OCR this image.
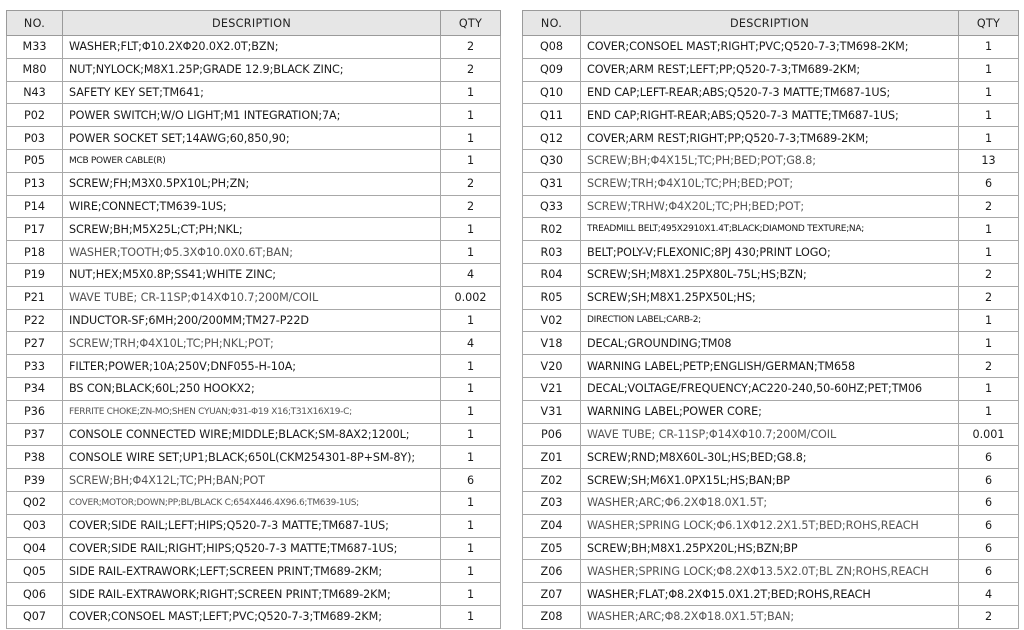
NO.	DESCRIPTION	QTY
M33	WASHER;FLT;Φ10.2XΦ20.0X2.0T;BZN;	2
M80	NUT;NYLOCK;M8X1.25P;GRADE 12.9;BLACK ZINC;	2
N43	SAFETY KEY SET;TM641;	1
P02	POWER SWITCH;W/O LIGHT;M1 INTEGRATION;7A;	1
P03	POWER SOCKET SET;14AWG;60,850,90;	1
P05	MCB POWER CABLE(R)	1
P13	SCREW;FH;M3X0.5PX10L;PH;ZN;	2
P14	WIRE;CONNECT;TM639-1US;	2
P17	SCREW;BH;M5X25L;CT;PH;NKL;	1
P18	WASHER;TOOTH;Φ5.3XΦ10.0X0.6T;BAN;	1
P19	NUT;HEX;M5X0.8P;SS41;WHITE ZINC;	4
P21	WAVE TUBE; CR-11SP;Φ14XΦ10.7;200M/COIL	0.002
P22	INDUCTOR-SF;6MH;200/200MM;TM27-P22D	1
P27	SCREW;TRH;Φ4X10L;TC;PH;NKL;POT;	4
P33	FILTER;POWER;10A;250V;DNF055-H-10A;	1
P34	BS CON;BLACK;60L;250 HOOKX2;	1
P36	FERRITE CHOKE;ZN-MO;SHEN CYUAN;Φ31-Φ19 X16;T31X16X19-C;	1
P37	CONSOLE CONNECTED WIRE;MIDDLE;BLACK;SM-8AX2;1200L;	1
P38	CONSOLE WIRE SET;UP1;BLACK;650L(CKM254301-8P+SM-8Y);	1
P39	SCREW;BH;Φ4X12L;TC;PH;BAN;POT	6
Q02	COVER;MOTOR;DOWN;PP;BL/BLACK C;654X446.4X96.6;TM639-1US;	1
Q03	COVER;SIDE RAIL;LEFT;HIPS;Q520-7-3 MATTE;TM687-1US;	1
Q04	COVER;SIDE RAIL;RIGHT;HIPS;Q520-7-3 MATTE;TM687-1US;	1
Q05	SIDE RAIL-EXTRAWORK;LEFT;SCREEN PRINT;TM689-2KM;	1
Q06	SIDE RAIL-EXTRAWORK;RIGHT;SCREEN PRINT;TM689-2KM;	1
Q07	COVER;CONSOEL MAST;LEFT;PVC;Q520-7-3;TM689-2KM;	1
NO.	DESCRIPTION	QTY
Q08	COVER;CONSOEL MAST;RIGHT;PVC;Q520-7-3;TM698-2KM;	1
Q09	COVER;ARM REST;LEFT;PP;Q520-7-3;TM689-2KM;	1
Q10	END CAP;LEFT-REAR;ABS;Q520-7-3 MATTE;TM687-1US;	1
Q11	END CAP;RIGHT-REAR;ABS;Q520-7-3 MATTE;TM687-1US;	1
Q12	COVER;ARM REST;RIGHT;PP;Q520-7-3;TM689-2KM;	1
Q30	SCREW;BH;Φ4X15L;TC;PH;BED;POT;G8.8;	13
Q31	SCREW;TRH;Φ4X10L;TC;PH;BED;POT;	6
Q33	SCREW;TRHW;Φ4X20L;TC;PH;BED;POT;	2
R02	TREADMILL BELT;495X2910X1.4T;BLACK;DIAMOND TEXTURE;NA;	1
R03	BELT;POLY-V;FLEXONIC;8PJ 430;PRINT LOGO;	1
R04	SCREW;SH;M8X1.25PX80L-75L;HS;BZN;	2
R05	SCREW;SH;M8X1.25PX50L;HS;	2
V02	DIRECTION LABEL;CARB-2;	1
V18	DECAL;GROUNDING;TM08	1
V20	WARNING LABEL;PETP;ENGLISH/GERMAN;TM658	2
V21	DECAL;VOLTAGE/FREQUENCY;AC220-240,50-60HZ;PET;TM06	1
V31	WARNING LABEL;POWER CORE;	1
P06	WAVE TUBE; CR-11SP;Φ14XΦ10.7;200M/COIL	0.001
Z01	SCREW;RND;M8X60L-30L;HS;BED;G8.8;	6
Z02	SCREW;SH;M6X1.0PX15L;HS;BAN;BP	6
Z03	WASHER;ARC;Φ6.2XΦ18.0X1.5T;	6
Z04	WASHER;SPRING LOCK;Φ6.1XΦ12.2X1.5T;BED;ROHS,REACH	6
Z05	SCREW;BH;M8X1.25PX20L;HS;BZN;BP	6
Z06	WASHER;SPRING LOCK;Φ8.2XΦ13.5X2.0T;BL ZN;ROHS,REACH	6
Z07	WASHER;FLAT;Φ8.2XΦ15.0X1.2T;BED;ROHS,REACH	4
Z08	WASHER;ARC;Φ8.2XΦ18.0X1.5T;BAN;	2
